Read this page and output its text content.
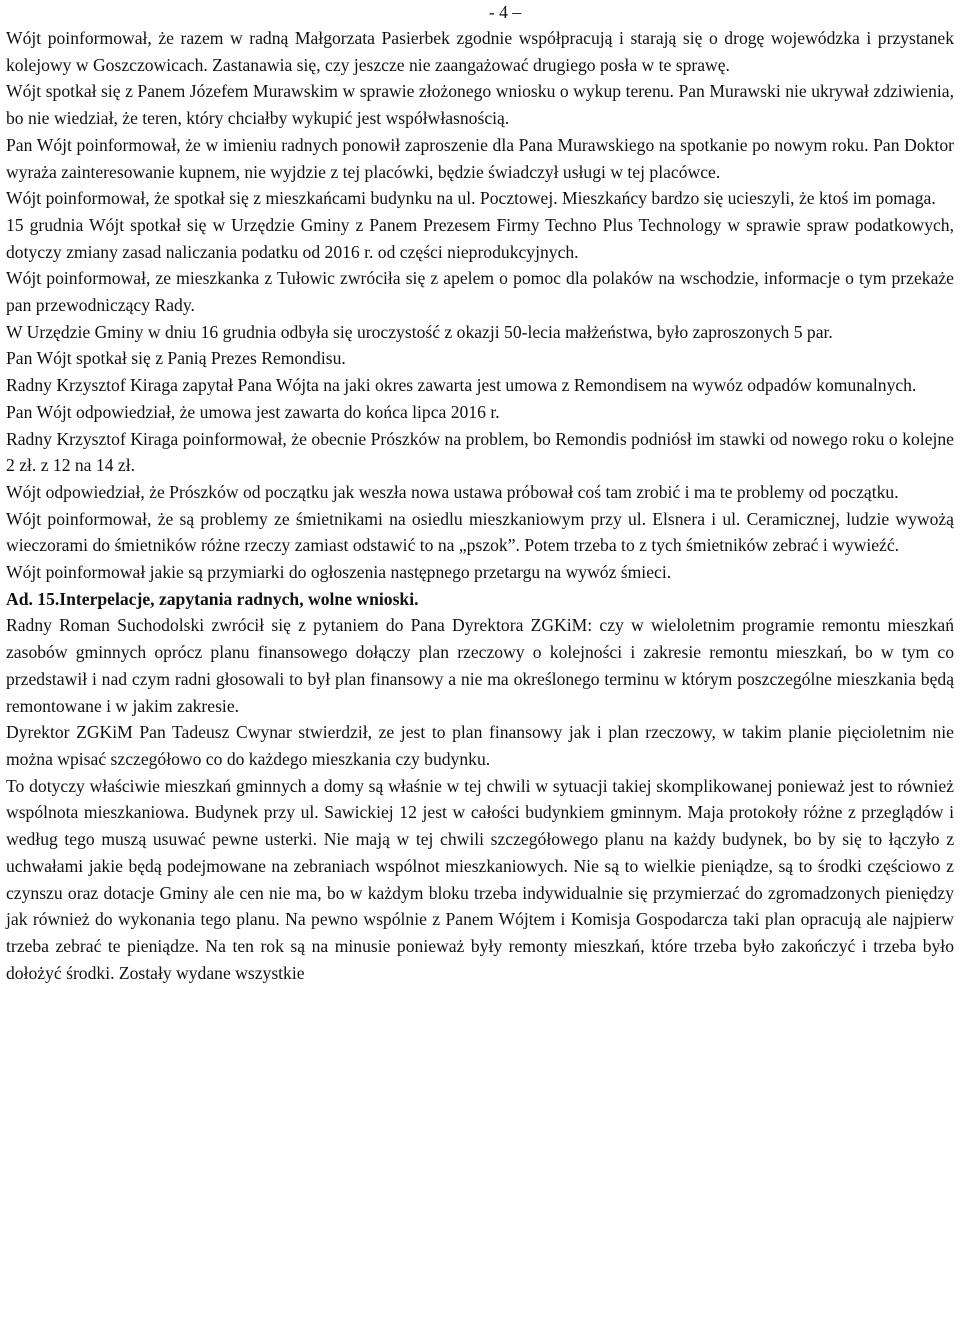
- 4 –

Wójt poinformował, że razem w radną Małgorzata Pasierbek zgodnie współpracują i starają się o drogę wojewódzka i przystanek kolejowy w Goszczowicach. Zastanawia się, czy jeszcze nie zaangażować drugiego posła w te sprawę.

Wójt spotkał się z Panem Józefem Murawskim w sprawie złożonego wniosku o wykup terenu. Pan Murawski nie ukrywał zdziwienia, bo nie wiedział, że teren, który chciałby wykupić jest współwłasnością.

Pan Wójt poinformował, że w imieniu radnych ponowił zaproszenie dla Pana Murawskiego na spotkanie po nowym roku. Pan Doktor wyraża zainteresowanie kupnem, nie wyjdzie z tej placówki, będzie świadczył usługi w tej placówce.

Wójt poinformował, że spotkał się z mieszkańcami budynku na ul. Pocztowej. Mieszkańcy bardzo się ucieszyli, że ktoś im pomaga.

15 grudnia Wójt spotkał się w Urzędzie Gminy z Panem Prezesem Firmy Techno Plus Technology w sprawie spraw podatkowych, dotyczy zmiany zasad naliczania podatku od 2016 r. od części nieprodukcyjnych.

Wójt poinformował, ze mieszkanka z Tułowic zwróciła się z apelem o pomoc dla polaków na wschodzie, informacje o tym przekaże pan przewodniczący Rady.

W Urzędzie Gminy w dniu 16 grudnia odbyła się uroczystość z okazji 50-lecia małżeństwa, było zaproszonych 5 par.

Pan Wójt spotkał się z Panią Prezes Remondisu.

Radny Krzysztof Kiraga zapytał Pana Wójta na jaki okres zawarta jest umowa z Remondisem na wywóz odpadów komunalnych.

Pan Wójt odpowiedział, że umowa jest zawarta do końca lipca 2016 r.

Radny Krzysztof Kiraga poinformował, że obecnie Prószków na problem, bo Remondis podniósł im stawki od nowego roku o kolejne 2 zł. z 12 na 14 zł.

Wójt odpowiedział, że Prószków od początku jak weszła nowa ustawa próbował coś tam zrobić i ma te problemy od początku.

Wójt poinformował, że są problemy ze śmietnikami na osiedlu mieszkaniowym przy ul. Elsnera i ul. Ceramicznej, ludzie wywożą wieczorami do śmietników różne rzeczy zamiast odstawić to na „pszok”. Potem trzeba to z tych śmietników zebrać i wywieźć.

Wójt poinformował jakie są przymiarki do ogłoszenia następnego przetargu na wywóz śmieci.

Ad. 15.Interpelacje, zapytania radnych, wolne wnioski.

Radny Roman Suchodolski zwrócił się z pytaniem do Pana Dyrektora ZGKiM: czy w wieloletnim programie remontu mieszkań zasobów gminnych oprócz planu finansowego dołączy plan rzeczowy o kolejności i zakresie remontu mieszkań, bo w tym co przedstawił i nad czym radni głosowali to był plan finansowy a nie ma określonego terminu w którym poszczególne mieszkania będą remontowane i w jakim zakresie.

Dyrektor ZGKiM Pan Tadeusz Cwynar stwierdził, ze jest to plan finansowy jak i plan rzeczowy, w takim planie pięcioletnim nie można wpisać szczegółowo co do każdego mieszkania czy budynku.

To dotyczy właściwie mieszkań gminnych a domy są właśnie w tej chwili w sytuacji takiej skomplikowanej ponieważ jest to również wspólnota mieszkaniowa. Budynek przy ul. Sawickiej 12 jest w całości budynkiem gminnym. Maja protokoły różne z przeglądów i według tego muszą usuwać pewne usterki. Nie mają w tej chwili szczegółowego planu na każdy budynek, bo by się to łączyło z uchwałami jakie będą podejmowane na zebraniach wspólnot mieszkaniowych. Nie są to wielkie pieniądze, są to środki częściowo z czynszu oraz dotacje Gminy ale cen nie ma, bo w każdym bloku trzeba indywidualnie się przymierzać do zgromadzonych pieniędzy jak również do wykonania tego planu. Na pewno wspólnie z Panem Wójtem i Komisja Gospodarcza taki plan opracują ale najpierw trzeba zebrać te pieniądze. Na ten rok są na minusie ponieważ były remonty mieszkań, które trzeba było zakończyć i trzeba było dołożyć środki. Zostały wydane wszystkie
